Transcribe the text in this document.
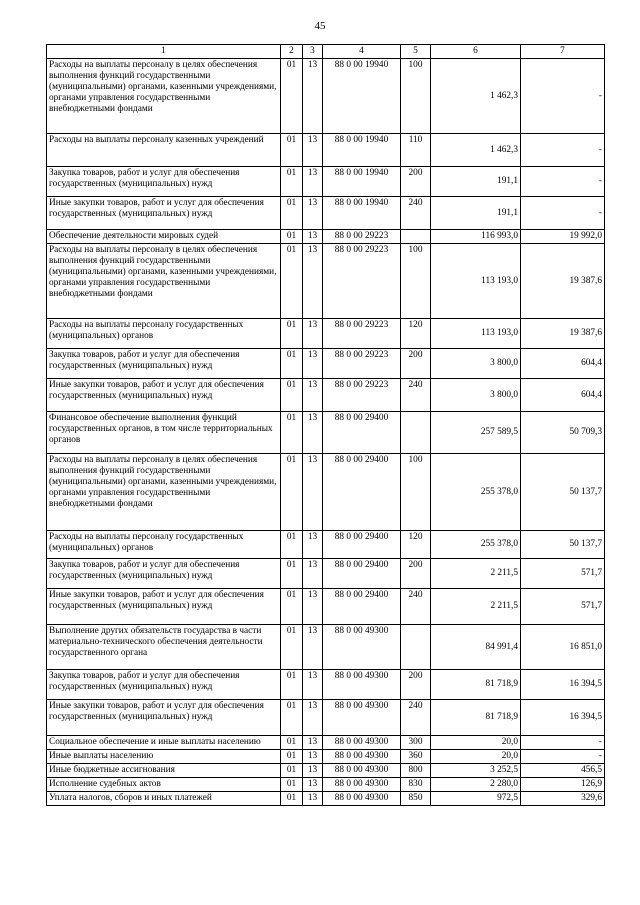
45
1	2	3	4	5	6	7
Расходы на выплаты персоналу в целях обеспечения выполнения функций государственными (муниципальными) органами, казенными учреждениями, органами управления государственными внебюджетными фондами	01	13	88 0 00 19940	100	1 462,3	-
Расходы на выплаты персоналу казенных учреждений	01	13	88 0 00 19940	110	1 462,3	-
Закупка товаров, работ и услуг для обеспечения государственных (муниципальных) нужд	01	13	88 0 00 19940	200	191,1	-
Иные закупки товаров, работ и услуг для обеспечения государственных (муниципальных) нужд	01	13	88 0 00 19940	240	191,1	-
Обеспечение деятельности мировых судей	01	13	88 0 00 29223		116 993,0	19 992,0
Расходы на выплаты персоналу в целях обеспечения выполнения функций государственными (муниципальными) органами, казенными учреждениями, органами управления государственными внебюджетными фондами	01	13	88 0 00 29223	100	113 193,0	19 387,6
Расходы на выплаты персоналу государственных (муниципальных) органов	01	13	88 0 00 29223	120	113 193,0	19 387,6
Закупка товаров, работ и услуг для обеспечения государственных (муниципальных) нужд	01	13	88 0 00 29223	200	3 800,0	604,4
Иные закупки товаров, работ и услуг для обеспечения государственных (муниципальных) нужд	01	13	88 0 00 29223	240	3 800,0	604,4
Финансовое обеспечение выполнения функций государственных органов, в том числе территориальных органов	01	13	88 0 00 29400		257 589,5	50 709,3
Расходы на выплаты персоналу в целях обеспечения выполнения функций государственными (муниципальными) органами, казенными учреждениями, органами управления государственными внебюджетными фондами	01	13	88 0 00 29400	100	255 378,0	50 137,7
Расходы на выплаты персоналу государственных (муниципальных) органов	01	13	88 0 00 29400	120	255 378,0	50 137,7
Закупка товаров, работ и услуг для обеспечения государственных (муниципальных) нужд	01	13	88 0 00 29400	200	2 211,5	571,7
Иные закупки товаров, работ и услуг для обеспечения государственных (муниципальных) нужд	01	13	88 0 00 29400	240	2 211,5	571,7
Выполнение других обязательств государства в части материально-технического обеспечения деятельности государственного органа	01	13	88 0 00 49300		84 991,4	16 851,0
Закупка товаров, работ и услуг для обеспечения государственных (муниципальных) нужд	01	13	88 0 00 49300	200	81 718,9	16 394,5
Иные закупки товаров, работ и услуг для обеспечения государственных (муниципальных) нужд	01	13	88 0 00 49300	240	81 718,9	16 394,5
Социальное обеспечение и иные выплаты населению	01	13	88 0 00 49300	300	20,0	-
Иные выплаты населению	01	13	88 0 00 49300	360	20,0	-
Иные бюджетные ассигнования	01	13	88 0 00 49300	800	3 252,5	456,5
Исполнение судебных актов	01	13	88 0 00 49300	830	2 280,0	126,9
Уплата налогов, сборов и иных платежей	01	13	88 0 00 49300	850	972,5	329,6
